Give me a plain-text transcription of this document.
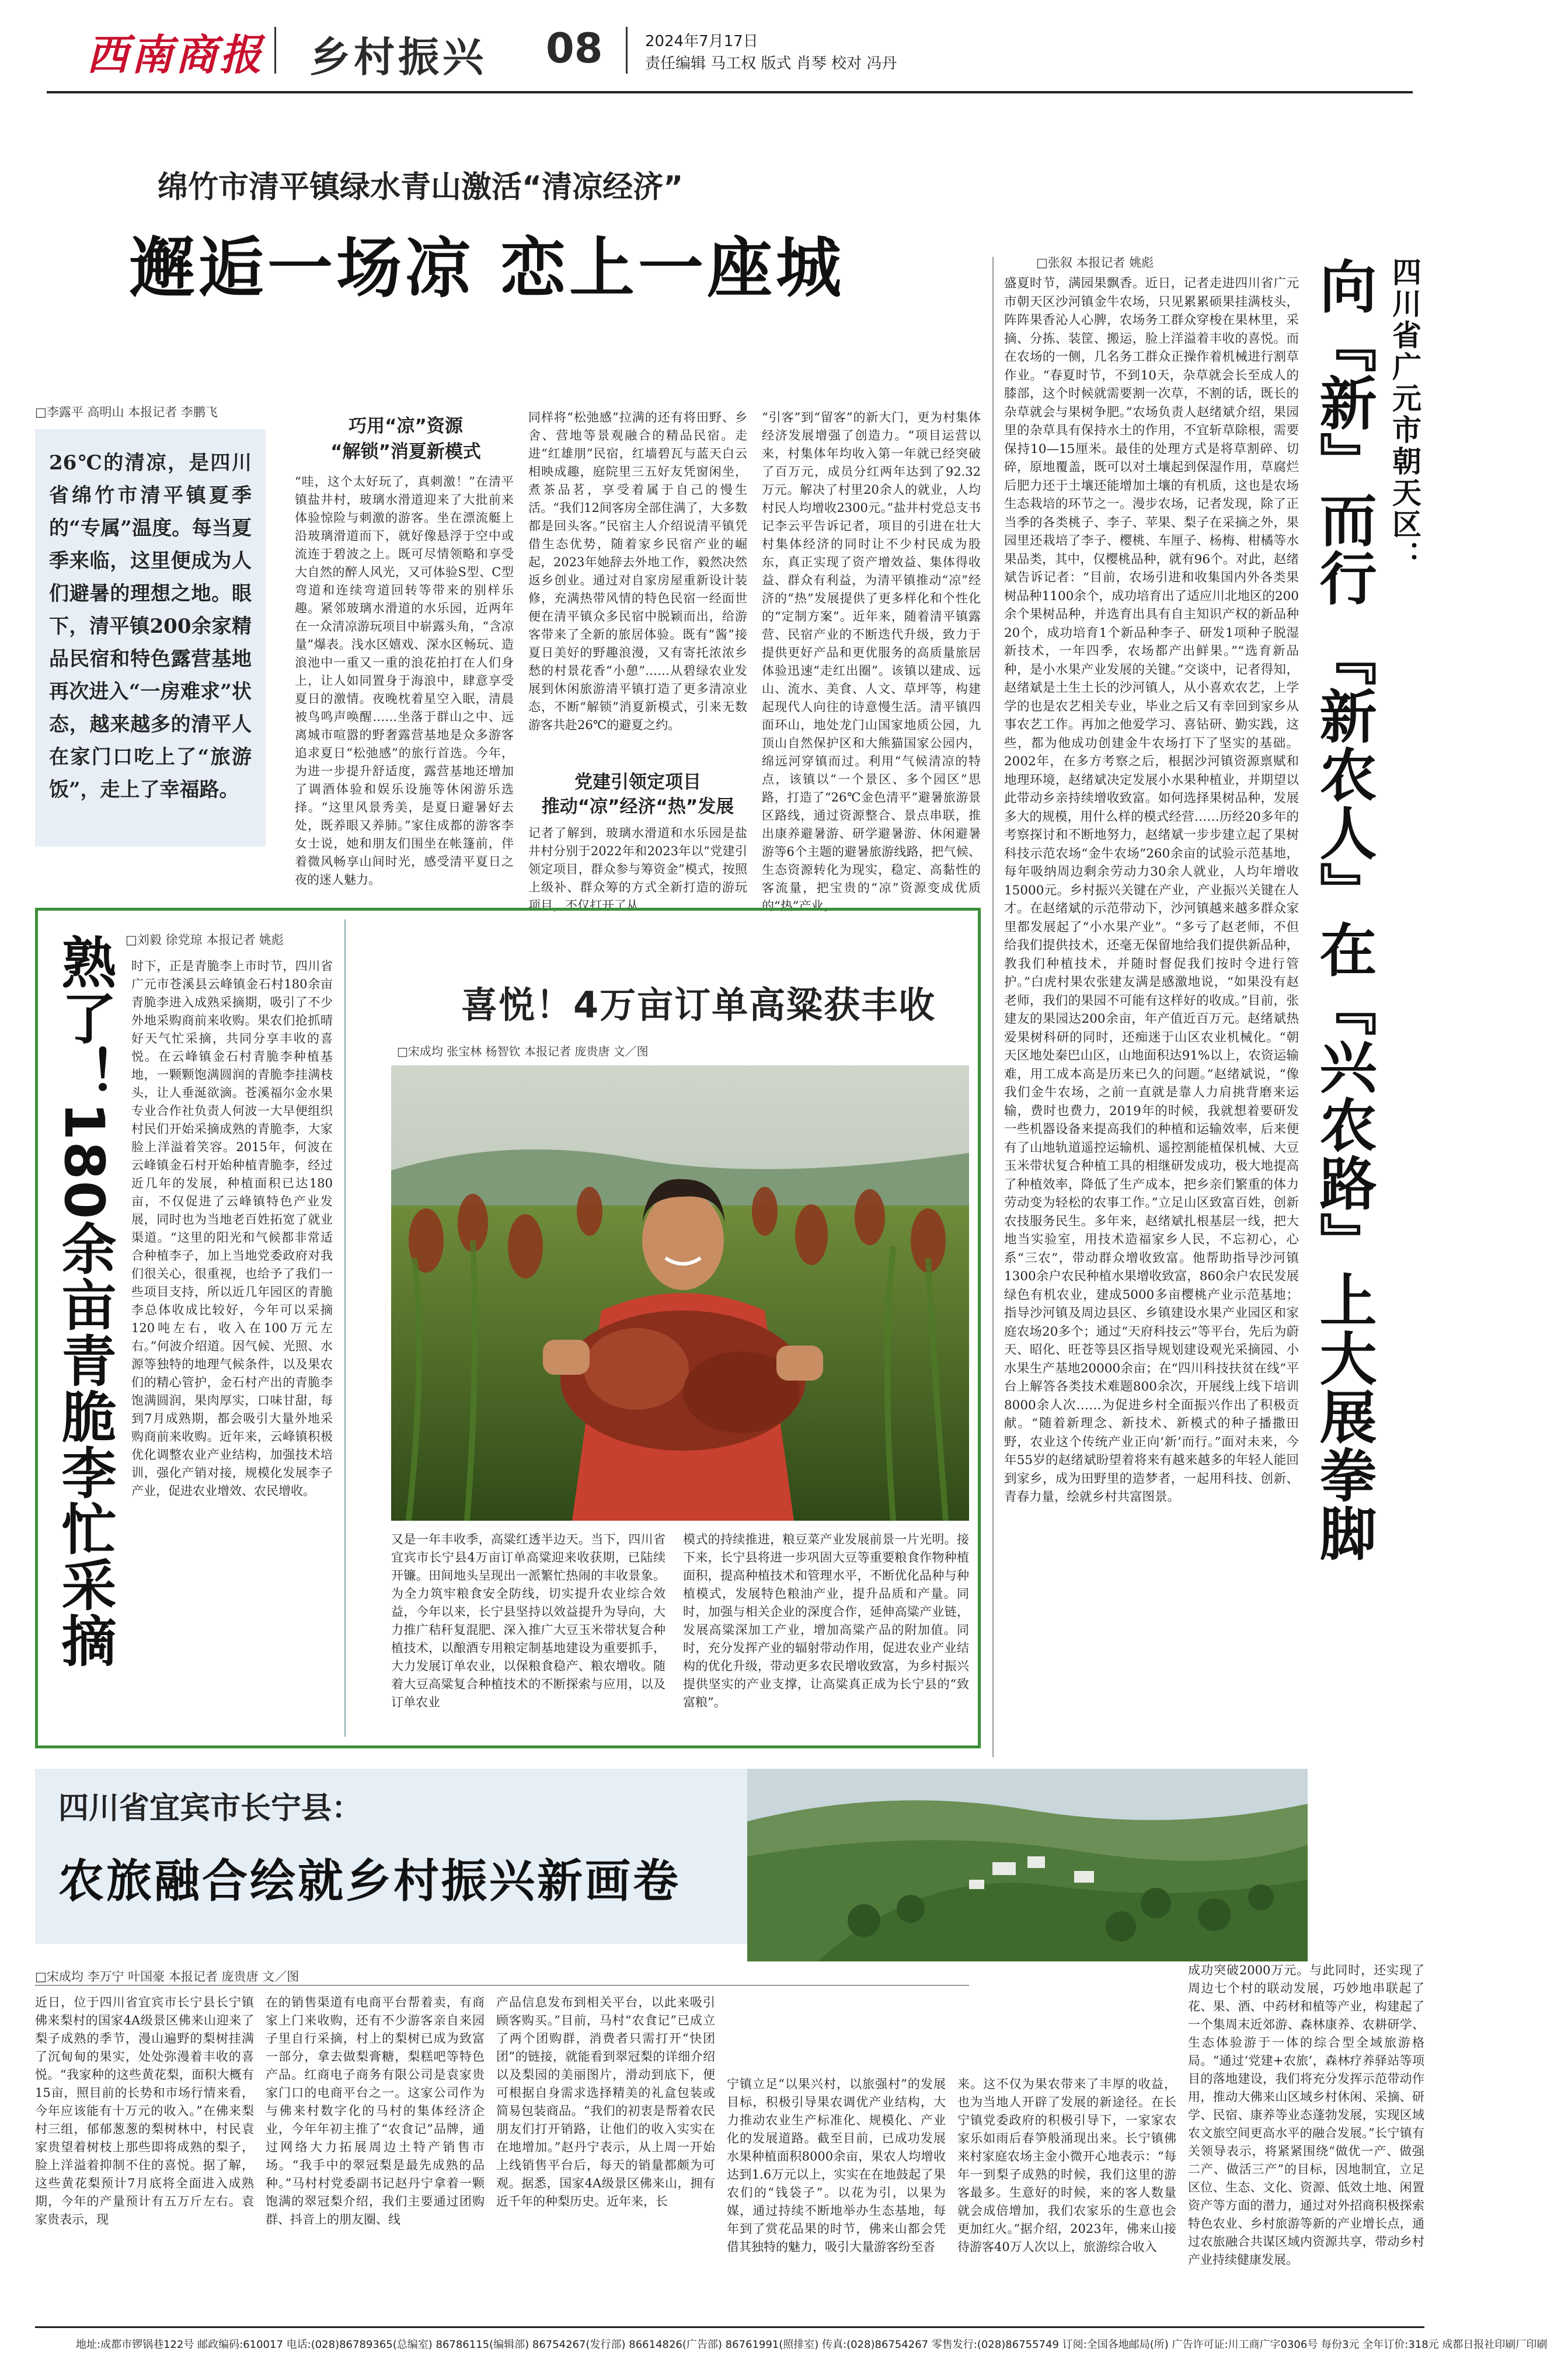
西南商报 乡村振兴 08	2024年7月17日
责任编辑 马工权 版式 肖琴 校对 冯丹
绵竹市清平镇绿水青山激活“清凉经济”
邂逅一场凉 恋上一座城
□李露平 高明山 本报记者 李鹏飞
26℃的清凉，是四川省绵竹市清平镇夏季的“专属”温度。每当夏季来临，这里便成为人们避暑的理想之地。眼下，清平镇200余家精品民宿和特色露营基地再次进入“一房难求”状态，越来越多的清平人在家门口吃上了“旅游饭”，走上了幸福路。
巧用“凉”资源
“解锁”消夏新模式
“哇，这个太好玩了，真刺激！”在清平镇盐井村，玻璃水滑道迎来了大批前来体验惊险与刺激的游客。坐在漂流艇上沿玻璃滑道而下，就好像悬浮于空中或流连于碧波之上。既可尽情领略和享受大自然的醉人风光，又可体验S型、C型弯道和连续弯道回转等带来的别样乐趣。紧邻玻璃水滑道的水乐园，近两年在一众清凉游玩项目中崭露头角，“含凉量”爆表。浅水区嬉戏、深水区畅玩、造浪池中一重又一重的浪花拍打在人们身上，让人如同置身于海浪中，肆意享受夏日的激情。夜晚枕着星空入眠，清晨被鸟鸣声唤醒……坐落于群山之中、远离城市喧嚣的野奢露营基地是众多游客追求夏日“松弛感”的旅行首选。今年，为进一步提升舒适度，露营基地还增加了调酒体验和娱乐设施等休闲游乐选择。“这里风景秀美，是夏日避暑好去处，既养眼又养肺。”家住成都的游客李女士说，她和朋友们围坐在帐篷前，伴着微风畅享山间时光，感受清平夏日之夜的迷人魅力。
同样将“松弛感”拉满的还有将田野、乡舍、营地等景观融合的精品民宿。走进“红雄朋”民宿，红墙碧瓦与蓝天白云相映成趣，庭院里三五好友凭窗闲坐，煮茶品茗，享受着属于自己的慢生活。“我们12间客房全部住满了，大多数都是回头客。”民宿主人介绍说清平镇凭借生态优势，随着家乡民宿产业的崛起，2023年她辞去外地工作，毅然决然返乡创业。通过对自家房屋重新设计装修，充满热带风情的特色民宿一经面世便在清平镇众多民宿中脱颖而出，给游客带来了全新的旅居体验。既有“酱”接夏日美好的野趣浪漫，又有寄托浓浓乡愁的村景花香“小憩”……从碧绿农业发展到休闲旅游清平镇打造了更多清凉业态，不断“解锁”消夏新模式，引来无数游客共赴26℃的避夏之约。
党建引领定项目
推动“凉”经济“热”发展
记者了解到，玻璃水滑道和水乐园是盐井村分别于2022年和2023年以“党建引领定项目，群众参与筹资金”模式，按照上级补、群众筹的方式全新打造的游玩项目，不仅打开了从
“引客”到“留客”的新大门，更为村集体经济发展增强了创造力。“项目运营以来，村集体年均收入第一年就已经突破了百万元，成员分红两年达到了92.32万元。解决了村里20余人的就业，人均村民人均增收2300元。”盐井村党总支书记李云平告诉记者，项目的引进在壮大村集体经济的同时让不少村民成为股东，真正实现了资产增效益、集体得收益、群众有利益，为清平镇推动“凉”经济的“热”发展提供了更多样化和个性化的“定制方案”。近年来，随着清平镇露营、民宿产业的不断迭代升级，致力于提供更好产品和更优服务的高质量旅居体验迅速“走红出圈”。该镇以建成、远山、流水、美食、人文、草坪等，构建起现代人向往的诗意慢生活。清平镇四面环山，地处龙门山国家地质公园，九顶山自然保护区和大熊猫国家公园内，绵远河穿镇而过。利用“气候清凉的特点，该镇以“一个景区、多个园区”思路，打造了“26℃金色清平”避暑旅游景区路线，通过资源整合、景点串联，推出康养避暑游、研学避暑游、休闲避暑游等6个主题的避暑旅游线路，把气候、生态资源转化为现实，稳定、高黏性的客流量，把宝贵的“凉”资源变成优质的“热”产业。
□张叙 本报记者 姚彪	四川省广元市朝天区：
向『新』而行 『新农人』在『兴农路』上大展拳脚
盛夏时节，满园果飘香。近日，记者走进四川省广元市朝天区沙河镇金牛农场，只见累累硕果挂满枝头，阵阵果香沁人心脾，农场务工群众穿梭在果林里，采摘、分拣、装筐、搬运，脸上洋溢着丰收的喜悦。而在农场的一侧，几名务工群众正操作着机械进行割草作业。“春夏时节，不到10天，杂草就会长至成人的膝部，这个时候就需要割一次草，不割的话，既长的杂草就会与果树争肥。”农场负责人赵绪斌介绍，果园里的杂草具有保持水土的作用，不宜斩草除根，需要保持10—15厘米。最佳的处理方式是将草割碎、切碎，原地覆盖，既可以对土壤起到保湿作用，草腐烂后肥力还于土壤还能增加土壤的有机质，这也是农场生态栽培的环节之一。漫步农场，记者发现，除了正当季的各类桃子、李子、苹果、梨子在采摘之外，果园里还栽培了李子、樱桃、车厘子、杨梅、柑橘等水果品类，其中，仅樱桃品种，就有96个。对此，赵绪斌告诉记者：“目前，农场引进和收集国内外各类果树品种1100余个，成功培育出了适应川北地区的200余个果树品种，并选育出具有自主知识产权的新品种20个，成功培育1个新品种李子、研发1项种子脱湿新技术，一年四季，农场都产出鲜果。”“选育新品种，是小水果产业发展的关键。”交谈中，记者得知，赵绪斌是土生土长的沙河镇人，从小喜欢农艺，上学学的也是农艺相关专业，毕业之后又有幸回到家乡从事农艺工作。再加之他爱学习、喜钻研、勤实践，这些，都为他成功创建金牛农场打下了坚实的基础。2002年，在多方考察之后，根据沙河镇资源禀赋和地理环境，赵绪斌决定发展小水果种植业，并期望以此带动乡亲持续增收致富。如何选择果树品种，发展多大的规模，用什么样的模式经营……历经20多年的考察探讨和不断地努力，赵绪斌一步步建立起了果树科技示范农场“金牛农场”260余亩的试验示范基地，每年吸纳周边剩余劳动力30余人就业，人均年增收15000元。乡村振兴关键在产业，产业振兴关键在人才。在赵绪斌的示范带动下，沙河镇越来越多群众家里都发展起了“小水果产业”。“多亏了赵老师，不但给我们提供技术，还毫无保留地给我们提供新品种，教我们种植技术，并随时督促我们按时令进行管护。”白虎村果农张建友满是感激地说，“如果没有赵老师，我们的果园不可能有这样好的收成。”目前，张建友的果园达200余亩，年产值近百万元。赵绪斌热爱果树科研的同时，还痴迷于山区农业机械化。“朝天区地处秦巴山区，山地面积达91%以上，农资运输难，用工成本高是历来已久的问题。”赵绪斌说，“像我们金牛农场，之前一直就是靠人力肩挑背磨来运输，费时也费力，2019年的时候，我就想着要研发一些机器设备来提高我们的种植和运输效率，后来便有了山地轨道遥控运输机、遥控割能植保机械、大豆玉米带状复合种植工具的相继研发成功，极大地提高了种植效率，降低了生产成本，把乡亲们繁重的体力劳动变为轻松的农事工作。”立足山区致富百姓，创新农技服务民生。多年来，赵绪斌扎根基层一线，把大地当实验室，用技术造福家乡人民，不忘初心，心系“三农”，带动群众增收致富。他帮助指导沙河镇1300余户农民种植水果增收致富，860余户农民发展绿色有机农业，建成5000多亩樱桃产业示范基地；指导沙河镇及周边县区、乡镇建设水果产业园区和家庭农场20多个；通过“天府科技云”等平台，先后为蔚天、昭化、旺苍等县区指导规划建设观光采摘园、小水果生产基地20000余亩；在“四川科技扶贫在线”平台上解答各类技术难题800余次，开展线上线下培训8000余人次……为促进乡村全面振兴作出了积极贡献。“随着新理念、新技术、新模式的种子播撒田野，农业这个传统产业正向‘新’而行。”面对未来，今年55岁的赵绪斌盼望着将来有越来越多的年轻人能回到家乡，成为田野里的造梦者，一起用科技、创新、青春力量，绘就乡村共富图景。
熟了！180余亩青脆李忙采摘 □刘毅 徐党琼 本报记者 姚彪
时下，正是青脆李上市时节，四川省广元市苍溪县云峰镇金石村180余亩青脆李进入成熟采摘期，吸引了不少外地采购商前来收购。果农们抢抓晴好天气忙采摘，共同分享丰收的喜悦。在云峰镇金石村青脆李种植基地，一颗颗饱满圆润的青脆李挂满枝头，让人垂涎欲滴。苍溪福尔金水果专业合作社负责人何波一大早便组织村民们开始采摘成熟的青脆李，大家脸上洋溢着笑容。2015年，何波在云峰镇金石村开始种植青脆李，经过近几年的发展，种植面积已达180亩，不仅促进了云峰镇特色产业发展，同时也为当地老百姓拓宽了就业渠道。“这里的阳光和气候都非常适合种植李子，加上当地党委政府对我们很关心，很重视，也给予了我们一些项目支持，所以近几年园区的青脆李总体收成比较好，今年可以采摘120吨左右，收入在100万元左右。”何波介绍道。因气候、光照、水源等独特的地理气候条件，以及果农们的精心管护，金石村产出的青脆李饱满圆润，果肉厚实，口味甘甜，每到7月成熟期，都会吸引大量外地采购商前来收购。近年来，云峰镇积极优化调整农业产业结构，加强技术培训，强化产销对接，规模化发展李子产业，促进农业增效、农民增收。
喜悦！4万亩订单高粱获丰收
□宋成均 张宝林 杨智钦 本报记者 庞贵唐 文／图
又是一年丰收季，高粱红透半边天。当下，四川省宜宾市长宁县4万亩订单高粱迎来收获期，已陆续开镰。田间地头呈现出一派繁忙热闹的丰收景象。为全力筑牢粮食安全防线，切实提升农业综合效益，今年以来，长宁县坚持以效益提升为导向，大力推广秸秆复混肥、深入推广大豆玉米带状复合种植技术，以酿酒专用粮定制基地建设为重要抓手，大力发展订单农业，以保粮食稳产、粮农增收。随着大豆高粱复合种植技术的不断探索与应用，以及订单农业
模式的持续推进，粮豆菜产业发展前景一片光明。接下来，长宁县将进一步巩固大豆等重要粮食作物种植面积，提高种植技术和管理水平，不断优化品种与种植模式，发展特色粮油产业，提升品质和产量。同时，加强与相关企业的深度合作，延伸高粱产业链，发展高粱深加工产业，增加高粱产品的附加值。同时，充分发挥产业的辐射带动作用，促进农业产业结构的优化升级，带动更多农民增收致富，为乡村振兴提供坚实的产业支撑，让高粱真正成为长宁县的“致富粮”。
四川省宜宾市长宁县：
农旅融合绘就乡村振兴新画卷
□宋成均 李万宁 叶国豪 本报记者 庞贵唐 文／图
近日，位于四川省宜宾市长宁县长宁镇佛来梨村的国家4A级景区佛来山迎来了梨子成熟的季节，漫山遍野的梨树挂满了沉甸甸的果实，处处弥漫着丰收的喜悦。“我家种的这些黄花梨，面积大概有15亩，照目前的长势和市场行情来看，今年应该能有十万元的收入。”在佛来梨村三组，郁郁葱葱的梨树林中，村民袁家贵望着树枝上那些即将成熟的梨子，脸上洋溢着抑制不住的喜悦。据了解，这些黄花梨预计7月底将全面进入成熟期，今年的产量预计有五万斤左右。袁家贵表示，现
在的销售渠道有电商平台帮着卖，有商家上门来收购，还有不少游客亲自来园子里自行采摘，村上的梨树已成为致富一部分，拿去做梨膏糖，梨糕吧等特色产品。红商电子商务有限公司是袁家贵家门口的电商平台之一。这家公司作为与佛来村数字化的马村的集体经济企业，今年年初主推了“农食记”品牌，通过网络大力拓展周边土特产销售市场。“我手中的翠冠梨是最先成熟的品种。”马村村党委副书记赵丹宁拿着一颗饱满的翠冠梨介绍，我们主要通过团购群、抖音上的朋友圈、线
产品信息发布到相关平台，以此来吸引顾客购买。”目前，马村“农食记”已成立了两个团购群，消费者只需打开“快团团”的链接，就能看到翠冠梨的详细介绍以及梨园的美丽图片，滑动到底下，便可根据自身需求选择精美的礼盒包装或简易包装商品。“我们的初衷是帮着农民朋友们打开销路，让他们的收入实实在在地增加。”赵丹宁表示，从上周一开始上线销售平台后，每天的销量都颇为可观。据悉，国家4A级景区佛来山，拥有近千年的种梨历史。近年来，长
宁镇立足“以果兴村，以旅强村”的发展目标，积极引导果农调优产业结构，大力推动农业生产标准化、规模化、产业化的发展道路。截至目前，已成功发展水果种植面积8000余亩，果农人均增收达到1.6万元以上，实实在在地鼓起了果农们的“钱袋子”。以花为引，以果为媒，通过持续不断地举办生态基地，每年到了赏花品果的时节，佛来山都会凭借其独特的魅力，吸引大量游客纷至沓
来。这不仅为果农带来了丰厚的收益，也为当地人开辟了发展的新途径。在长宁镇党委政府的积极引导下，一家家农家乐如雨后春笋般涌现出来。长宁镇佛来村家庭农场主金小微开心地表示：“每年一到梨子成熟的时候，我们这里的游客最多。生意好的时候，来的客人数量就会成倍增加，我们农家乐的生意也会更加红火。”据介绍，2023年，佛来山接待游客40万人次以上，旅游综合收入
成功突破2000万元。与此同时，还实现了周边七个村的联动发展，巧妙地串联起了花、果、酒、中药材和植等产业，构建起了一个集周末近郊游、森林康养、农耕研学、生态体验游于一体的综合型全域旅游格局。“通过‘党建+农旅’，森林疗养驿站等项目的落地建设，我们将充分发挥示范带动作用，推动大佛来山区域乡村休闲、采摘、研学、民宿、康养等业态蓬勃发展，实现区域农文旅空间更高水平的融合发展。”长宁镇有关领导表示，将紧紧围绕“做优一产、做强二产、做活三产”的目标，因地制宜，立足区位、生态、文化、资源、低效土地、闲置资产等方面的潜力，通过对外招商积极探索特色农业、乡村旅游等新的产业增长点，通过农旅融合共谋区域内资源共享，带动乡村产业持续健康发展。
地址:成都市锣锅巷122号 邮政编码:610017 电话:(028)86789365(总编室) 86786115(编辑部) 86754267(发行部) 86614826(广告部) 86761991(照排室) 传真:(028)86754267 零售发行:(028)86755749 订阅:全国各地邮局(所) 广告许可证:川工商广字0306号 每份3元 全年订价:318元 成都日报社印刷厂印刷
